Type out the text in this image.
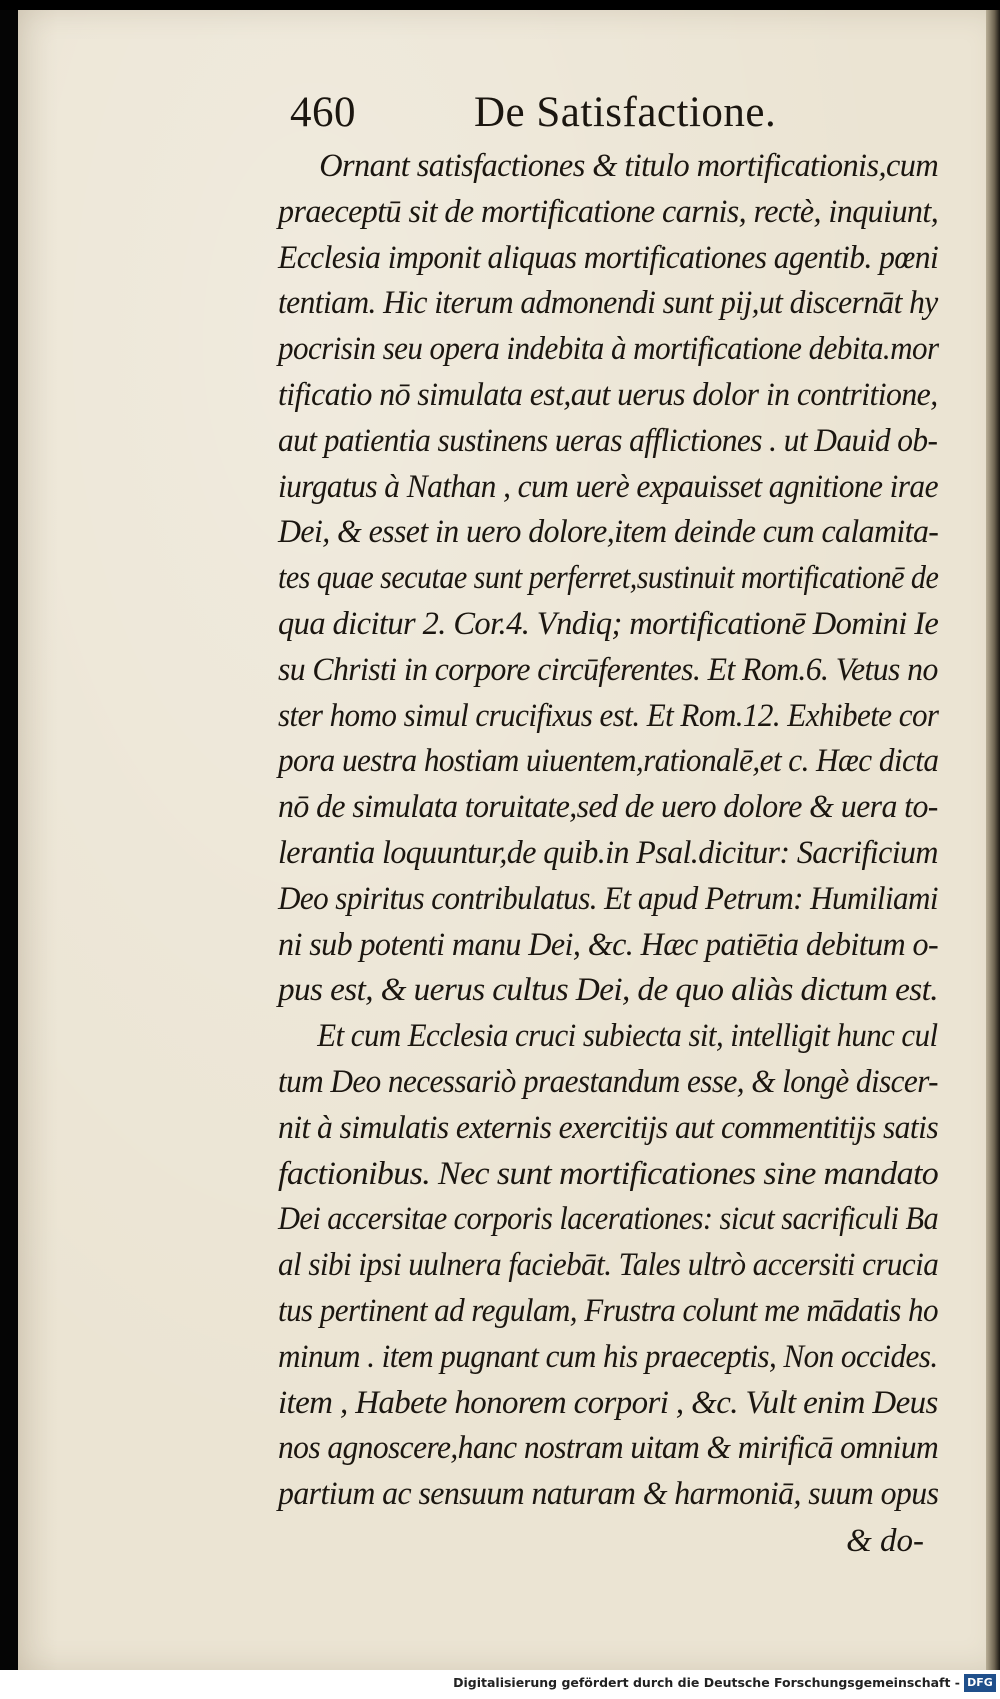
460	De Satisfactione.
Ornant satisfactiones & titulo mortificationis,cum
praeceptū sit de mortificatione carnis, rectè, inquiunt,
Ecclesia imponit aliquas mortificationes agentib. pœni
tentiam. Hic iterum admonendi sunt pij,ut discernāt hy
pocrisin seu opera indebita à mortificatione debita.mor
tificatio nō simulata est,aut uerus dolor in contritione,
aut patientia sustinens ueras afflictiones . ut Dauid ob-
iurgatus à Nathan , cum uerè expauisset agnitione irae
Dei, & esset in uero dolore,item deinde cum calamita-
tes quae secutae sunt perferret,sustinuit mortificationē de
qua dicitur 2. Cor.4. Vndiq; mortificationē Domini Ie
su Christi in corpore circūferentes. Et Rom.6. Vetus no
ster homo simul crucifixus est. Et Rom.12. Exhibete cor
pora uestra hostiam uiuentem,rationalē,et c. Hæc dicta
nō de simulata toruitate,sed de uero dolore & uera to-
lerantia loquuntur,de quib.in Psal.dicitur: Sacrificium
Deo spiritus contribulatus. Et apud Petrum: Humiliami
ni sub potenti manu Dei, &c. Hæc patiētia debitum o-
pus est, & uerus cultus Dei, de quo aliàs dictum est.
Et cum Ecclesia cruci subiecta sit, intelligit hunc cul
tum Deo necessariò praestandum esse, & longè discer-
nit à simulatis externis exercitijs aut commentitijs satis
factionibus. Nec sunt mortificationes sine mandato
Dei accersitae corporis lacerationes: sicut sacrificuli Ba
al sibi ipsi uulnera faciebāt. Tales ultrò accersiti crucia
tus pertinent ad regulam, Frustra colunt me mādatis ho
minum . item pugnant cum his praeceptis, Non occides.
item , Habete honorem corpori , &c. Vult enim Deus
nos agnoscere,hanc nostram uitam & mirificā omnium
partium ac sensuum naturam & harmoniā, suum opus
& do-
Digitalisierung gefördert durch die Deutsche Forschungsgemeinschaft - DFG
